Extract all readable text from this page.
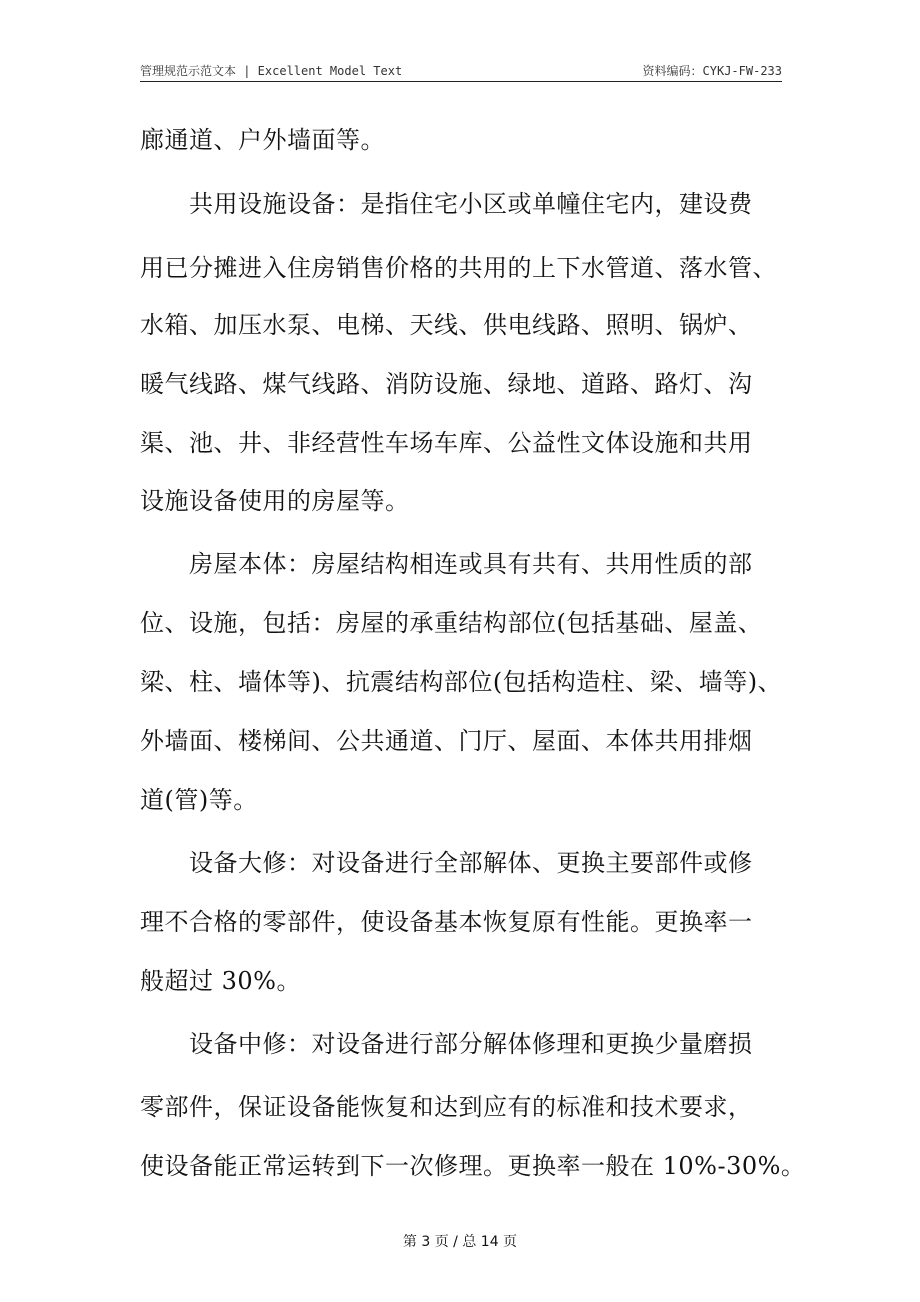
管理规范示范文本 | Excellent Model Text	资料编码：CYKJ-FW-233
廊通道、户外墙面等。
　　共用设施设备：是指住宅小区或单幢住宅内，建设费
用已分摊进入住房销售价格的共用的上下水管道、落水管、
水箱、加压水泵、电梯、天线、供电线路、照明、锅炉、
暖气线路、煤气线路、消防设施、绿地、道路、路灯、沟
渠、池、井、非经营性车场车库、公益性文体设施和共用
设施设备使用的房屋等。
　　房屋本体：房屋结构相连或具有共有、共用性质的部
位、设施，包括：房屋的承重结构部位(包括基础、屋盖、
梁、柱、墙体等)、抗震结构部位(包括构造柱、梁、墙等)、
外墙面、楼梯间、公共通道、门厅、屋面、本体共用排烟
道(管)等。
　　设备大修：对设备进行全部解体、更换主要部件或修
理不合格的零部件，使设备基本恢复原有性能。更换率一
般超过 30%。
　　设备中修：对设备进行部分解体修理和更换少量磨损
零部件，保证设备能恢复和达到应有的标准和技术要求，
使设备能正常运转到下一次修理。更换率一般在 10%-30%。
第 3 页 / 总 14 页
